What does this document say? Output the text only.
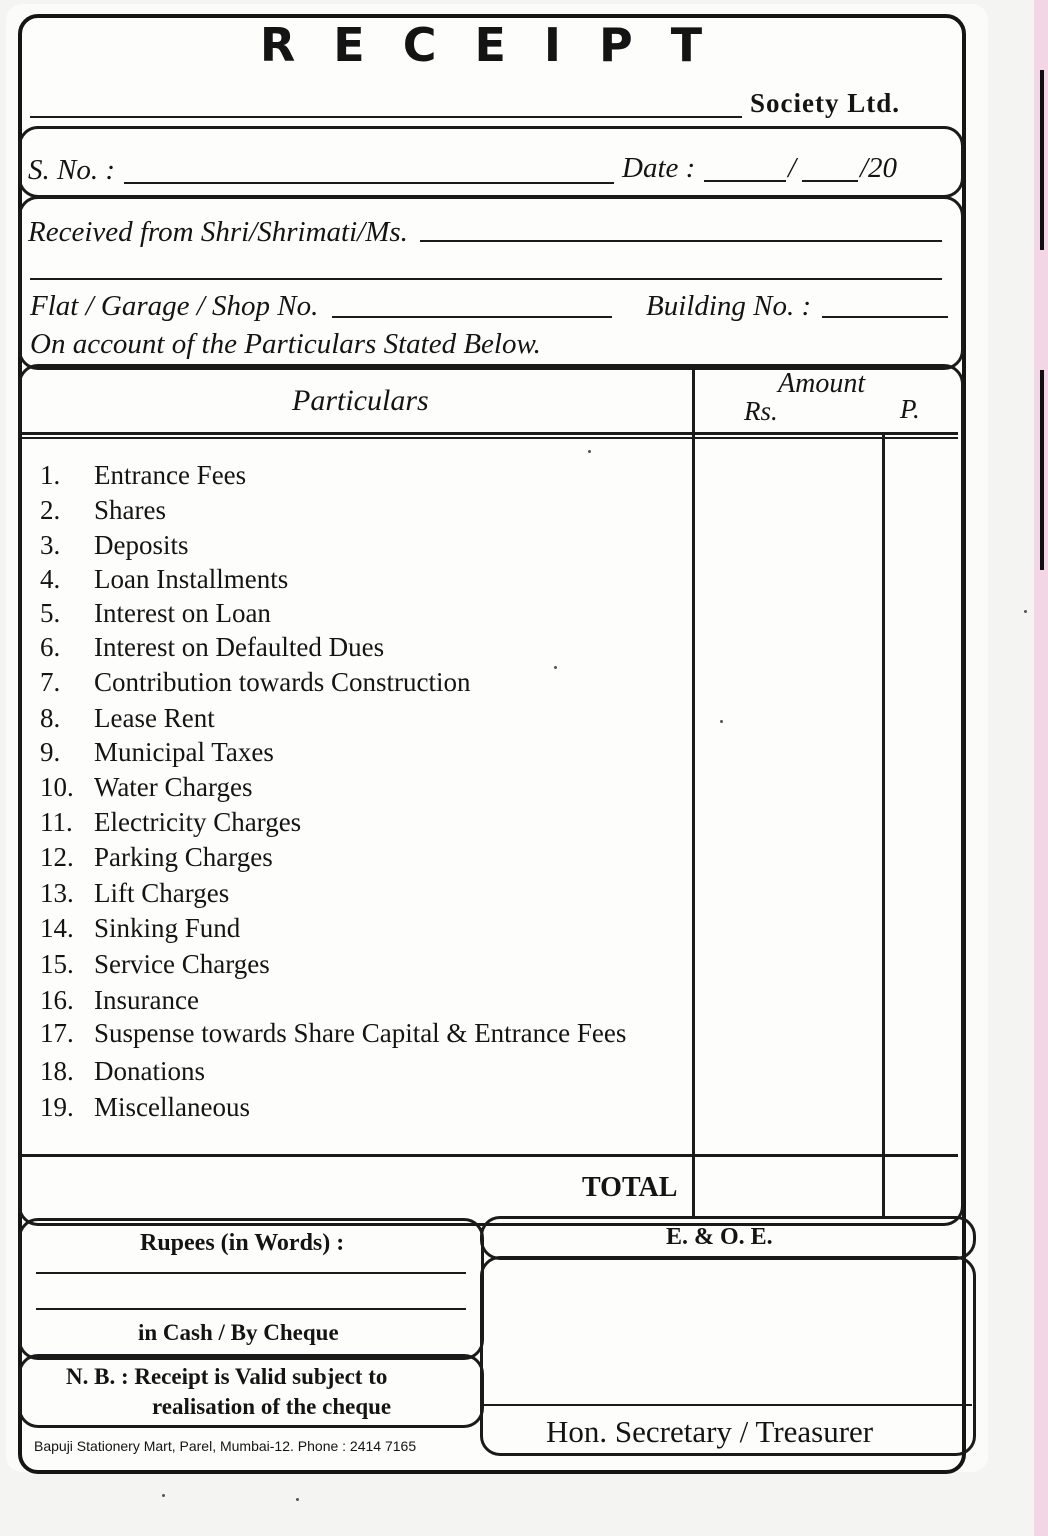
RECEIPT
Society Ltd.
S. No. :	Date :	/ /20
Received from Shri/Shrimati/Ms.
Flat / Garage / Shop No.	Building No. :
On account of the Particulars Stated Below.
Particulars
Amount
Rs.	P.
1. Entrance Fees
2. Shares
3. Deposits
4. Loan Installments
5. Interest on Loan
6. Interest on Defaulted Dues
7. Contribution towards Construction
8. Lease Rent
9. Municipal Taxes
10. Water Charges
11. Electricity Charges
12. Parking Charges
13. Lift Charges
14. Sinking Fund
15. Service Charges
16. Insurance
17. Suspense towards Share Capital & Entrance Fees
18. Donations
19. Miscellaneous
TOTAL
Rupees (in Words) :
in Cash / By Cheque
N. B. : Receipt is Valid subject to
realisation of the cheque
Bapuji Stationery Mart, Parel, Mumbai-12. Phone : 2414 7165
E. & O. E.
Hon. Secretary / Treasurer
